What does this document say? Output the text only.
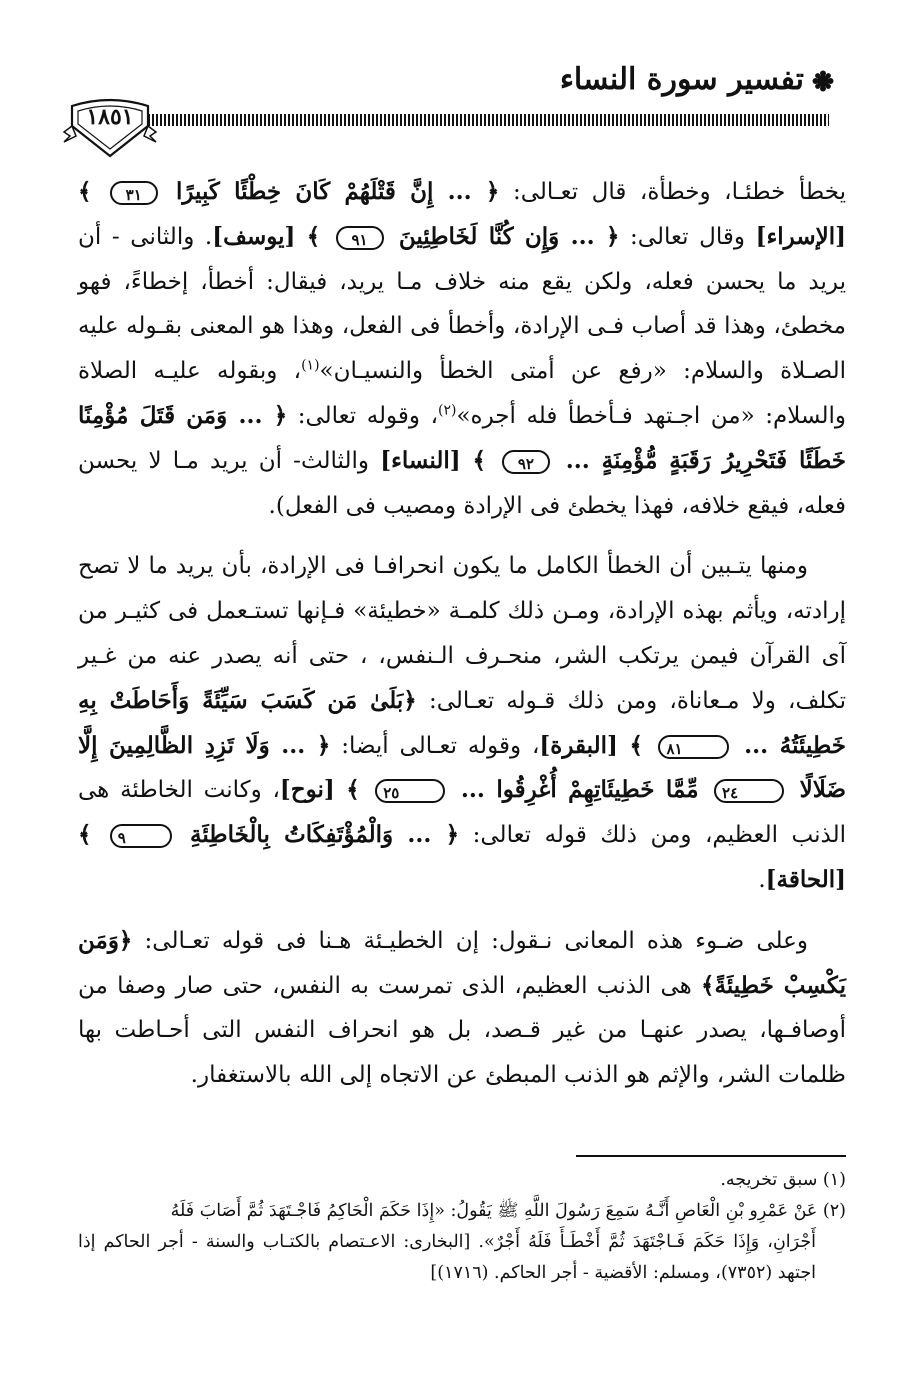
تفسير سورة النساء
١٨٥١

يخطأ خطئـا، وخطأة، قال تعـالى: ﴿ ... إِنَّ قَتْلَهُمْ كَانَ خِطْئًا كَبِيرًا ٣١ ﴾ [الإسراء] وقال تعالى: ﴿ ... وَإِن كُنَّا لَخَاطِئِينَ ٩١ ﴾ [يوسف]. والثانى - أن يريد ما يحسن فعله، ولكن يقع منه خلاف مـا يريد، فيقال: أخطأ، إخطاءً، فهو مخطئ، وهذا قد أصاب فـى الإرادة، وأخطأ فى الفعل، وهذا هو المعنى بقـوله عليه الصـلاة والسلام: «رفع عن أمتى الخطأ والنسيـان»$^{(١)}$، وبقوله عليـه الصلاة والسلام: «من اجـتهد فـأخطأ فله أجره»$^{(٢)}$، وقوله تعالى: ﴿ ... وَمَن قَتَلَ مُؤْمِنًا خَطَئًا فَتَحْرِيرُ رَقَبَةٍ مُّؤْمِنَةٍ ... ٩٢ ﴾ [النساء] والثالث- أن يريد مـا لا يحسن فعله، فيقع خلافه، فهذا يخطئ فى الإرادة ومصيب فى الفعل).

ومنها يتـبين أن الخطأ الكامل ما يكون انحرافـا فى الإرادة، بأن يريد ما لا تصح إرادته، ويأثم بهذه الإرادة، ومـن ذلك كلمـة «خطيئة» فـإنها تستـعمل فى كثيـر من آى القرآن فيمن يرتكب الشر، منحـرف الـنفس، ، حتى أنه يصدر عنه من غـير تكلف، ولا مـعاناة، ومن ذلك قـوله تعـالى: ﴿بَلَىٰ مَن كَسَبَ سَيِّئَةً وَأَحَاطَتْ بِهِ خَطِيئَتُهُ ... ٨١ ﴾ [البقرة]، وقوله تعـالى أيضا: ﴿ ... وَلَا تَزِدِ الظَّالِمِينَ إِلَّا ضَلَالًا ٢٤ مِّمَّا خَطِيئَاتِهِمْ أُغْرِقُوا ... ٢٥ ﴾ [نوح]، وكانت الخاطئة هى الذنب العظيم، ومن ذلك قوله تعالى: ﴿ ... وَالْمُؤْتَفِكَاتُ بِالْخَاطِئَةِ ٩ ﴾ [الحاقة].

وعلى ضـوء هذه المعانى نـقول: إن الخطيـئة هـنا فى قوله تعـالى: ﴿وَمَن يَكْسِبْ خَطِيئَةً﴾ هى الذنب العظيم، الذى تمرست به النفس، حتى صار وصفا من أوصافـها، يصدر عنهـا من غير قـصد، بل هو انحراف النفس التى أحـاطت بها ظلمات الشر، والإثم هو الذنب المبطئ عن الاتجاه إلى الله بالاستغفار.

(١) سبق تخريجه.

(٢) عَنْ عَمْرِو بْنِ الْعَاصِ أَنَّـهُ سَمِعَ رَسُولَ اللَّهِ ﷺ يَقُولُ: «إِذَا حَكَمَ الْحَاكِمُ فَاجْـتَهَدَ ثُمَّ أَصَابَ فَلَهُ

أَجْرَانِ، وَإِذَا حَكَمَ فَـاجْتَهَدَ ثُمَّ أَخْطَـأَ فَلَهُ أَجْرٌ». [البخارى: الاعـتصام بالكتـاب والسنة - أجر الحاكم إذا اجتهد (٧٣٥٢)، ومسلم: الأقضية - أجر الحاكم. (١٧١٦)]
